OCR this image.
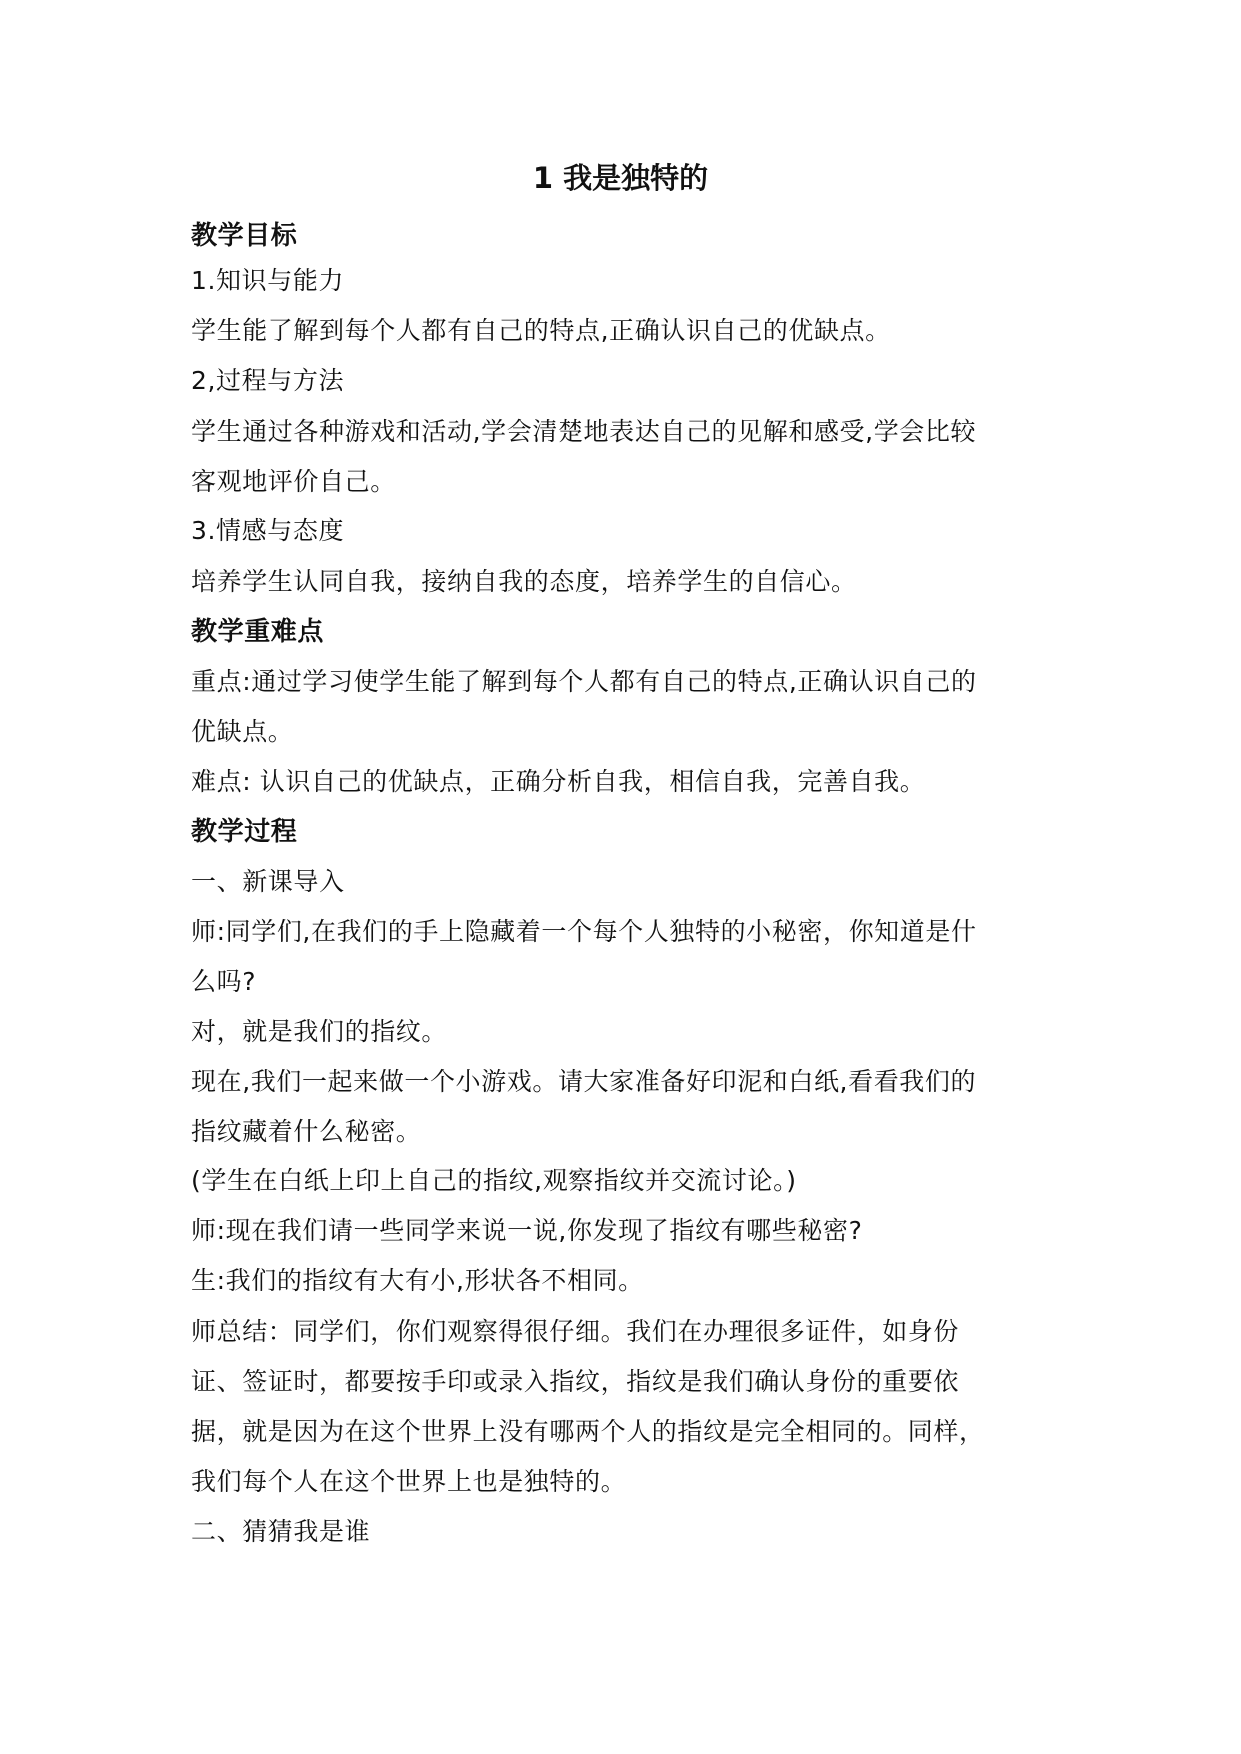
1 我是独特的
教学目标
1.知识与能力
学生能了解到每个人都有自己的特点,正确认识自己的优缺点。
2,过程与方法
学生通过各种游戏和活动,学会清楚地表达自己的见解和感受,学会比较
客观地评价自己。
3.情感与态度
培养学生认同自我，接纳自我的态度，培养学生的自信心。
教学重难点
重点:通过学习使学生能了解到每个人都有自己的特点,正确认识自己的
优缺点。
难点: 认识自己的优缺点，正确分析自我，相信自我，完善自我。
教学过程
一、新课导入
师:同学们,在我们的手上隐藏着一个每个人独特的小秘密，你知道是什
么吗?
对，就是我们的指纹。
现在,我们一起来做一个小游戏。请大家准备好印泥和白纸,看看我们的
指纹藏着什么秘密。
(学生在白纸上印上自己的指纹,观察指纹并交流讨论。)
师:现在我们请一些同学来说一说,你发现了指纹有哪些秘密?
生:我们的指纹有大有小,形状各不相同。
师总结：同学们，你们观察得很仔细。我们在办理很多证件，如身份
证、签证时，都要按手印或录入指纹，指纹是我们确认身份的重要依
据，就是因为在这个世界上没有哪两个人的指纹是完全相同的。同样，
我们每个人在这个世界上也是独特的。
二、猜猜我是谁
